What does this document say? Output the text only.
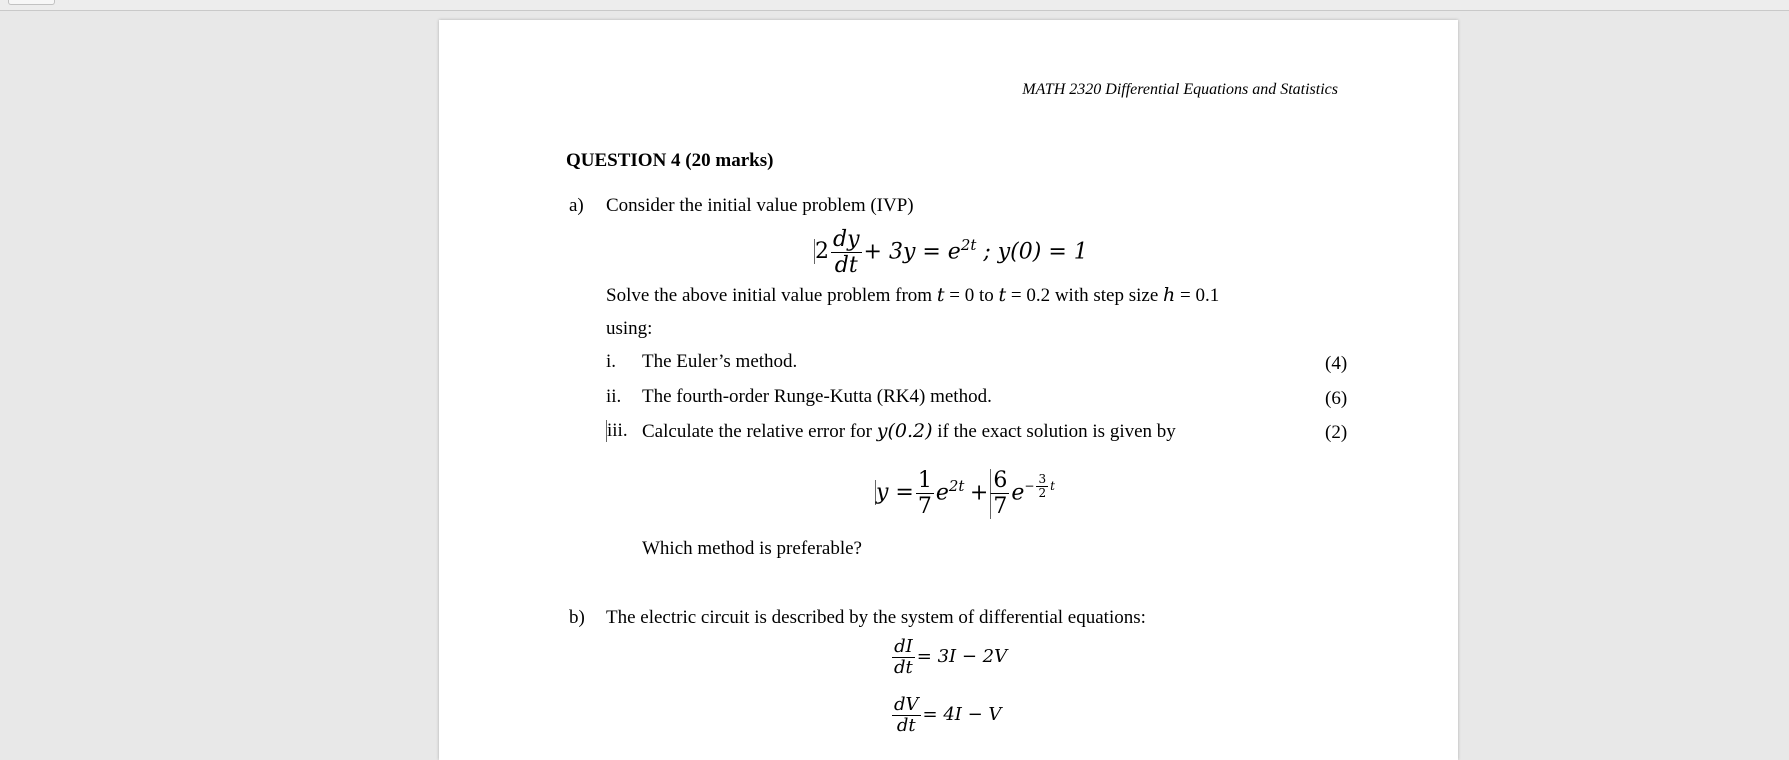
MATH 2320 Differential Equations and Statistics
QUESTION 4 (20 marks)
a) Consider the initial value problem (IVP)
$2 \frac{dy}{dt} + 3y = e^{2t}$ ; y(0) = 1
Solve the above initial value problem from t = 0 to t = 0.2 with step size h = 0.1
using:
i. The Euler’s method.	(4)
ii. The fourth-order Runge-Kutta (RK4) method.	(6)
iii. Calculate the relative error for y(0.2) if the exact solution is given by	(2)
$y = \frac{1}{7} e^{2t} + \frac{6}{7} e- \frac{3}{2}$ t
Which method is preferable?
b) The electric circuit is described by the system of differential equations:
$\frac{dI}{dt} = 3I - 2V$
$\frac{dV}{dt} = 4I - V$
